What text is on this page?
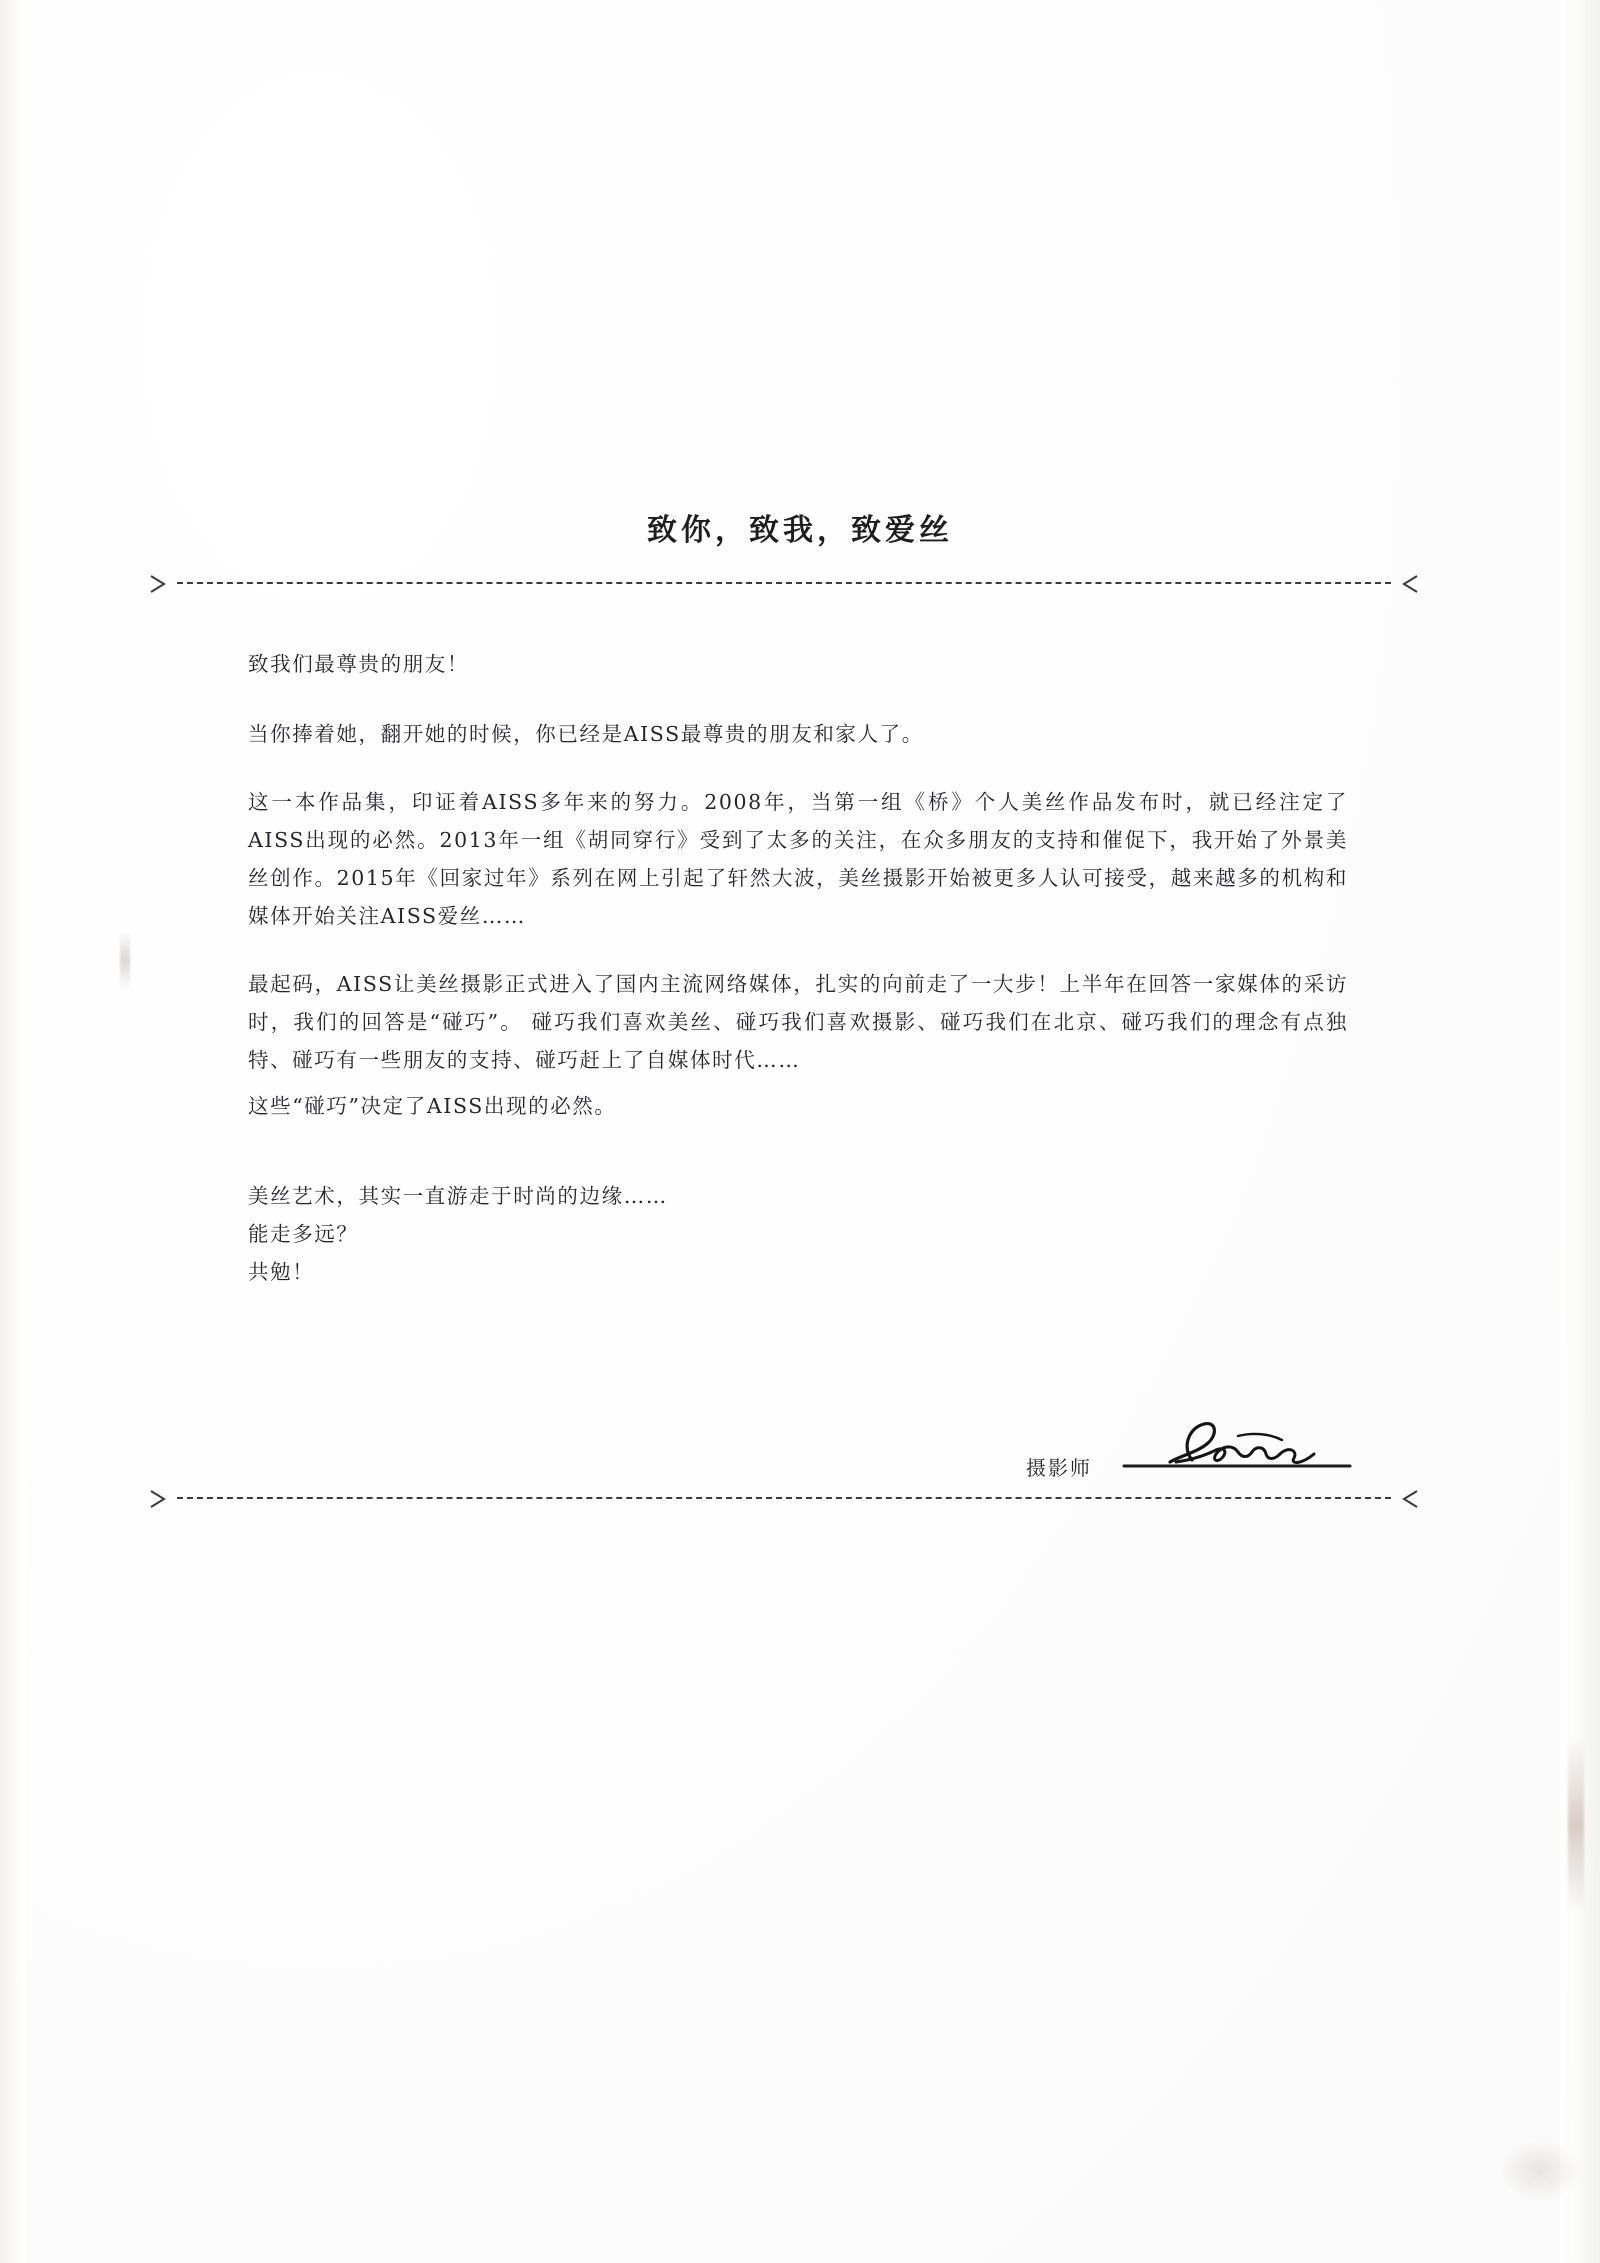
致你，致我，致爱丝

致我们最尊贵的朋友！

当你捧着她，翻开她的时候，你已经是AISS最尊贵的朋友和家人了。

这一本作品集，印证着AISS多年来的努力。2008年，当第一组《桥》个人美丝作品发布时，就已经注定了AISS出现的必然。2013年一组《胡同穿行》受到了太多的关注，在众多朋友的支持和催促下，我开始了外景美丝创作。2015年《回家过年》系列在网上引起了轩然大波，美丝摄影开始被更多人认可接受，越来越多的机构和媒体开始关注AISS爱丝……

最起码，AISS让美丝摄影正式进入了国内主流网络媒体，扎实的向前走了一大步！上半年在回答一家媒体的采访时，我们的回答是“碰巧”。 碰巧我们喜欢美丝、碰巧我们喜欢摄影、碰巧我们在北京、碰巧我们的理念有点独特、碰巧有一些朋友的支持、碰巧赶上了自媒体时代……

这些“碰巧”决定了AISS出现的必然。

美丝艺术，其实一直游走于时尚的边缘……

能走多远？

共勉！

摄影师
